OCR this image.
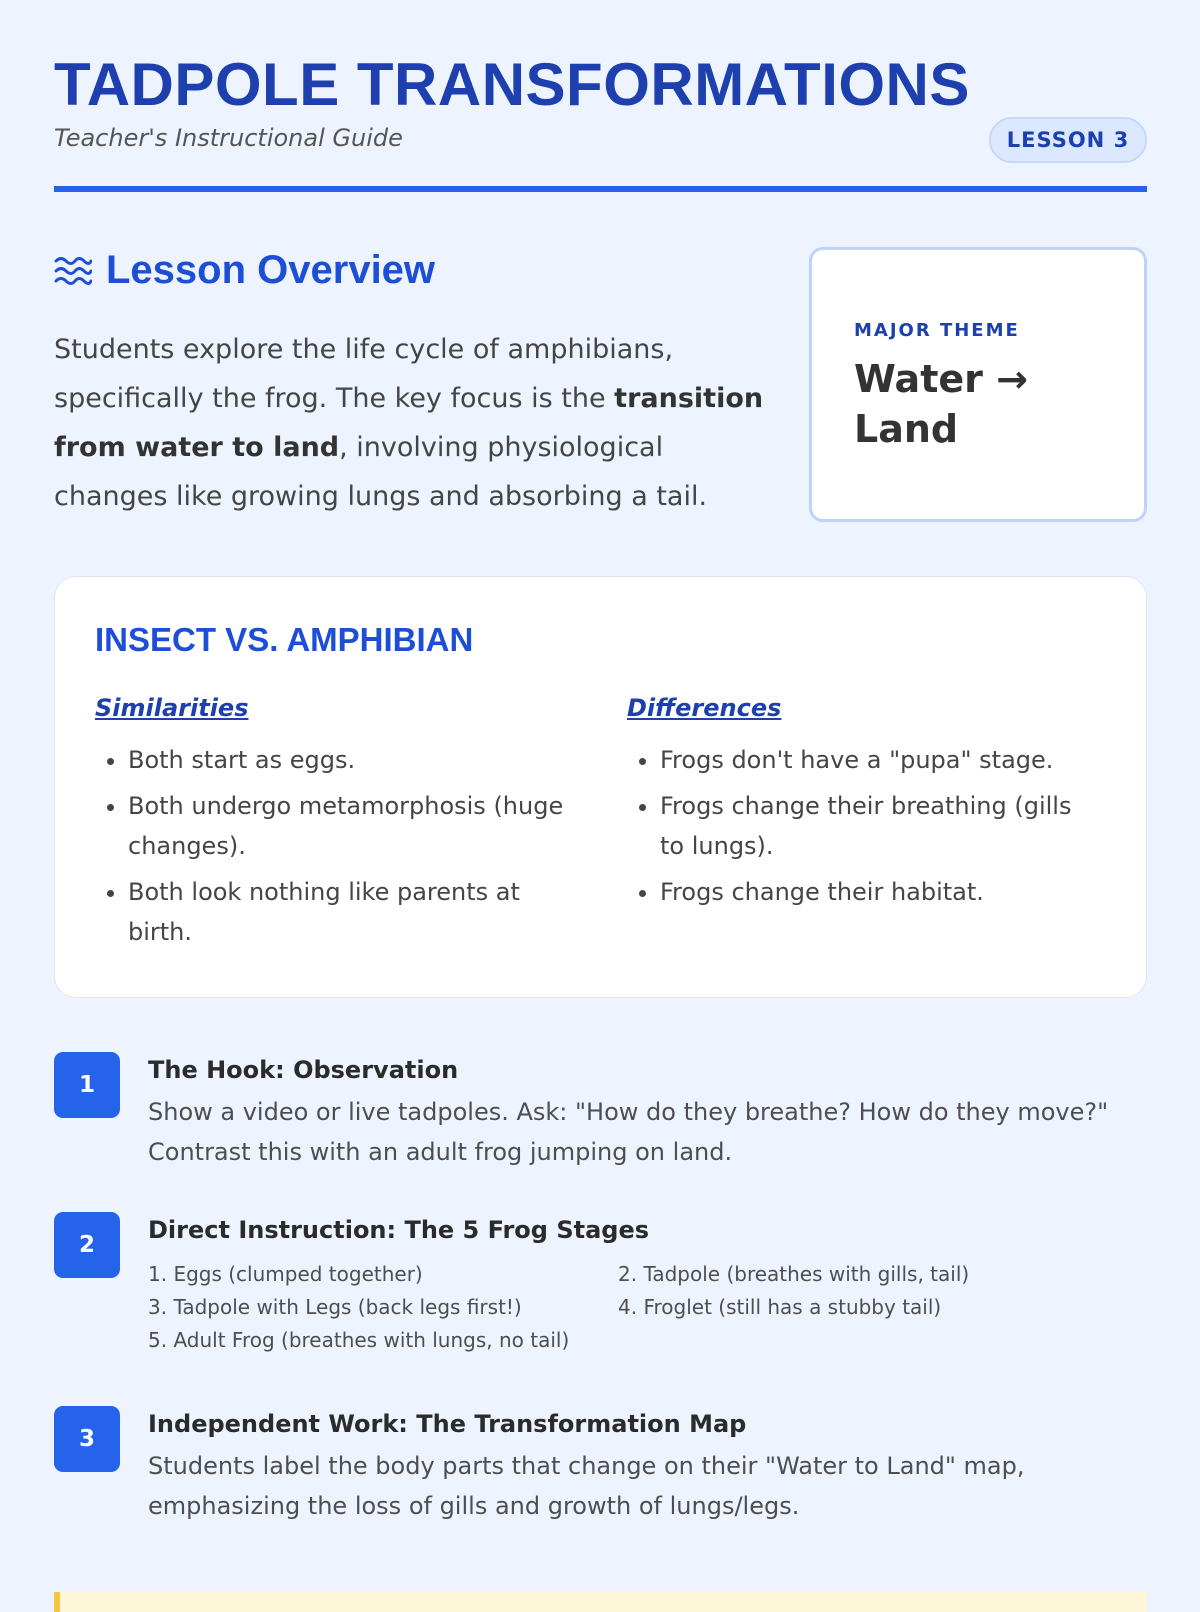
TADPOLE TRANSFORMATIONS
Teacher's Instructional Guide	LESSON 3
Lesson Overview

Students explore the life cycle of amphibians, specifically the frog. The key focus is the transition from water to land, involving physiological changes like growing lungs and absorbing a tail.

MAJOR THEME
Water → Land
INSECT VS. AMPHIBIAN
Similarities
• Both start as eggs.
• Both undergo metamorphosis (huge changes).
• Both look nothing like parents at birth.
Differences
• Frogs don't have a "pupa" stage.
• Frogs change their breathing (gills to lungs).
• Frogs change their habitat.
1
The Hook: Observation
Show a video or live tadpoles. Ask: "How do they breathe? How do they move?" Contrast this with an adult frog jumping on land.
2
Direct Instruction: The 5 Frog Stages
1. Eggs (clumped together)	2. Tadpole (breathes with gills, tail)
3. Tadpole with Legs (back legs first!)	4. Froglet (still has a stubby tail)
5. Adult Frog (breathes with lungs, no tail)
3
Independent Work: The Transformation Map
Students label the body parts that change on their "Water to Land" map, emphasizing the loss of gills and growth of lungs/legs.
